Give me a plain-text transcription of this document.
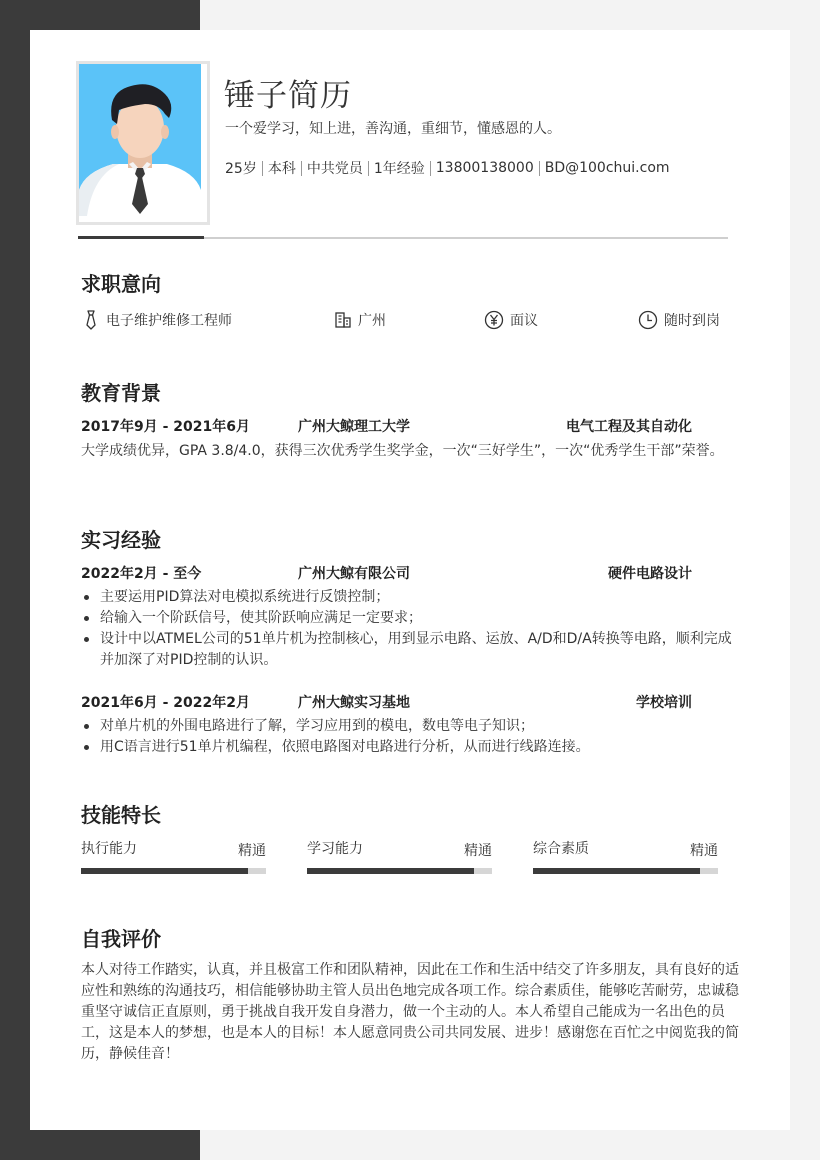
锤子简历
一个爱学习，知上进，善沟通，重细节，懂感恩的人。
25岁 本科 中共党员 1年经验 13800138000 BD@100chui.com
求职意向
电子维护维修工程师	广州	面议	随时到岗
教育背景
2017年9月 - 2021年6月	广州大鲸理工大学	电气工程及其自动化
大学成绩优异，GPA 3.8/4.0，获得三次优秀学生奖学金，一次“三好学生”，一次“优秀学生干部”荣誉。
实习经验
2022年2月 - 至今	广州大鲸有限公司	硬件电路设计
主要运用PID算法对电模拟系统进行反馈控制；
给输入一个阶跃信号，使其阶跃响应满足一定要求；
设计中以ATMEL公司的51单片机为控制核心，用到显示电路、运放、A/D和D/A转换等电路，顺利完成并加深了对PID控制的认识。
2021年6月 - 2022年2月	广州大鲸实习基地	学校培训
对单片机的外围电路进行了解，学习应用到的模电，数电等电子知识；
用C语言进行51单片机编程，依照电路图对电路进行分析，从而进行线路连接。
技能特长
执行能力	精通	学习能力	精通	综合素质	精通
自我评价
本人对待工作踏实，认真，并且极富工作和团队精神，因此在工作和生活中结交了许多朋友，具有良好的适应性和熟练的沟通技巧，相信能够协助主管人员出色地完成各项工作。综合素质佳，能够吃苦耐劳，忠诚稳重坚守诚信正直原则，勇于挑战自我开发自身潜力，做一个主动的人。本人希望自己能成为一名出色的员工，这是本人的梦想，也是本人的目标！本人愿意同贵公司共同发展、进步！感谢您在百忙之中阅览我的简历，静候佳音！
